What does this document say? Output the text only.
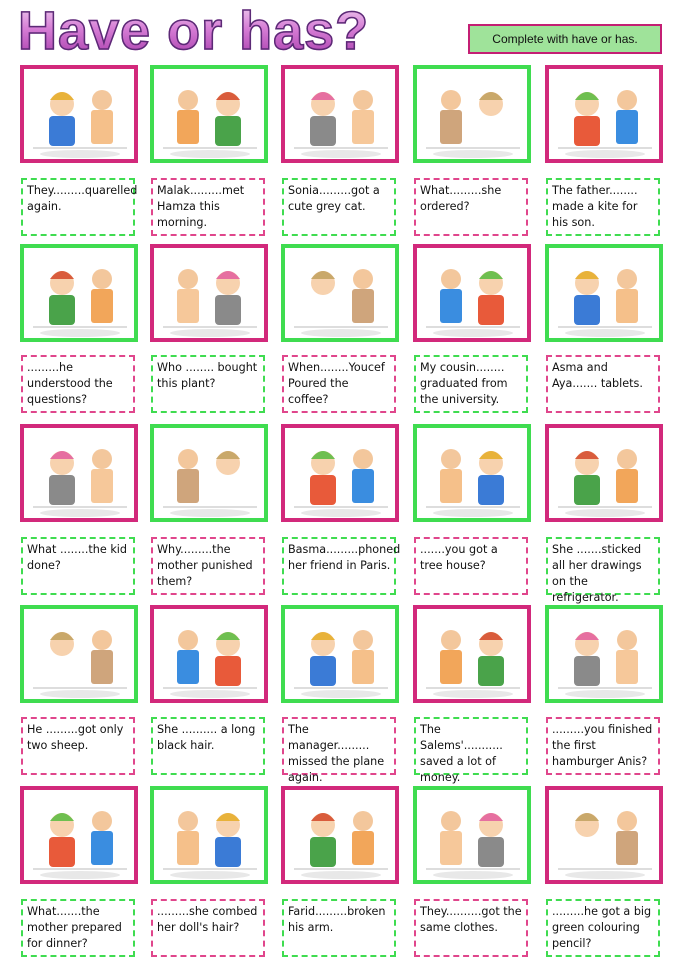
Have or has?	Complete with have or has.
They.........quarelled again.
Malak.........met Hamza this morning.
Sonia.........got a cute grey cat.
What.........she ordered?
The father........ made a kite for his son.
.........he understood the questions?
Who ........ bought this plant?
When........Youcef Poured the coffee?
My cousin........ graduated from the university.
Asma and Aya....... tablets.
What ........the kid done?
Why.........the mother punished them?
Basma.........phoned her friend in Paris.
.......you got a tree house?
She .......sticked all her drawings on the refrigerator.
He .........got only two sheep.
She .......... a long black hair.
The manager......... missed the plane again.
The Salems'........... saved a lot of money.
.........you finished the first hamburger Anis?
What.......the mother prepared for dinner?
.........she combed her doll's hair?
Farid.........broken his arm.
They..........got the same clothes.
.........he got a big green colouring pencil?
